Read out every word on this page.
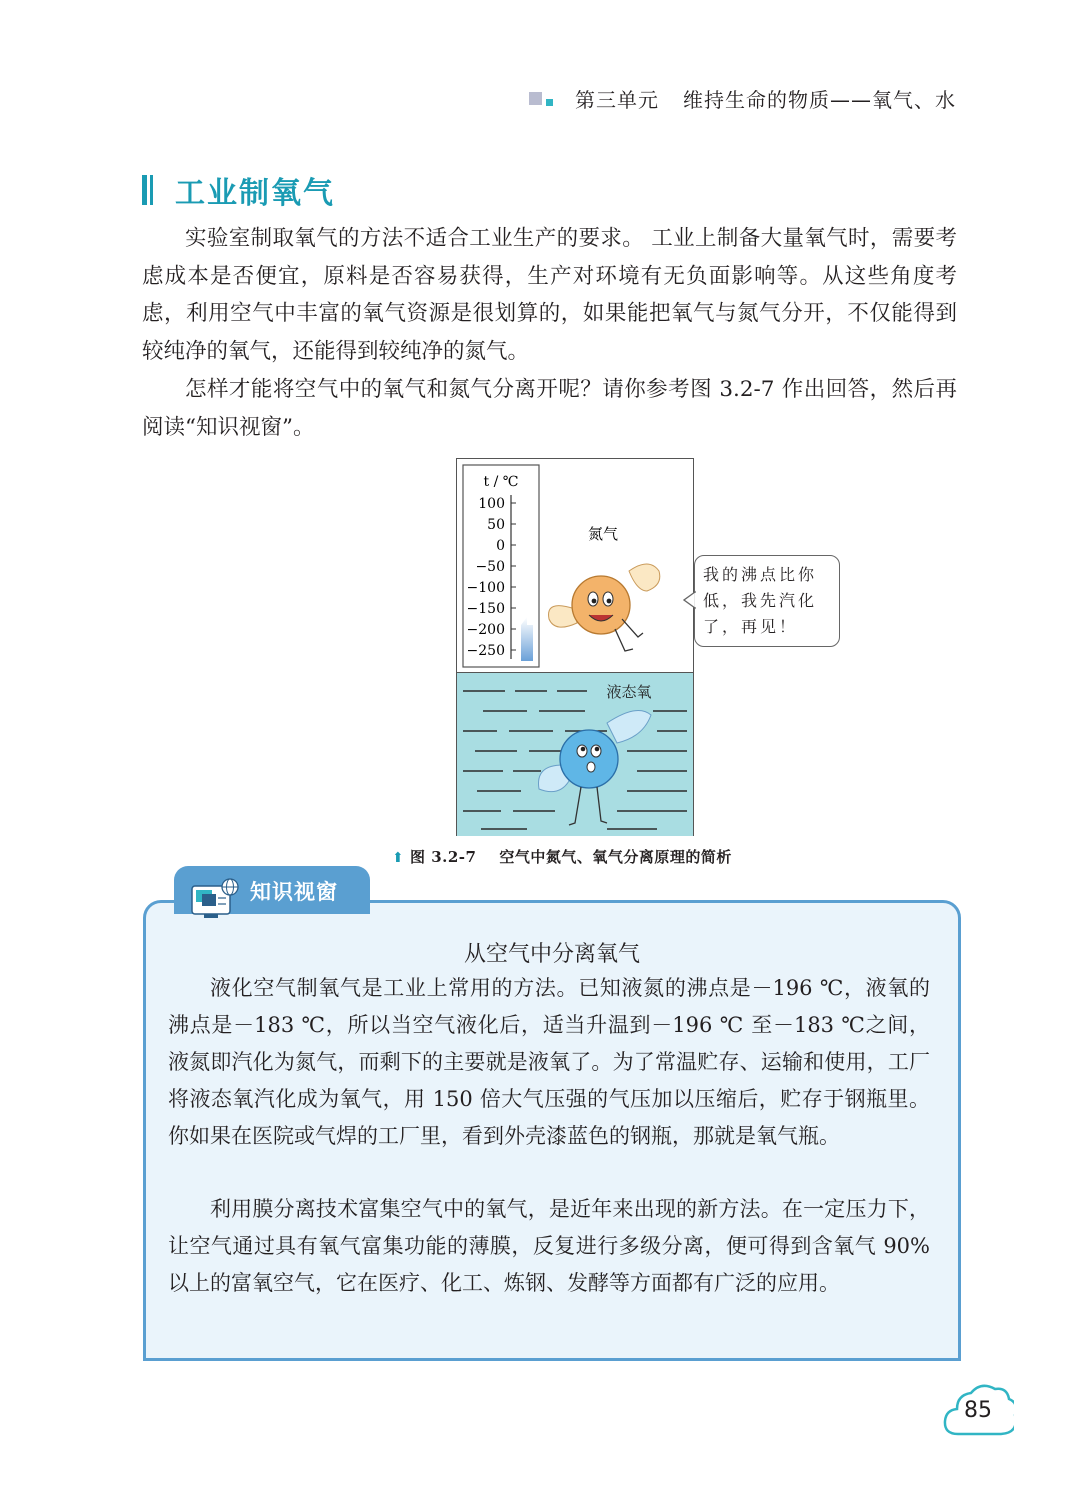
第三单元 维持生命的物质——氧气、水
工业制氧气

实验室制取氧气的方法不适合工业生产的要求。 工业上制备大量氧气时，需要考虑成本是否便宜，原料是否容易获得，生产对环境有无负面影响等。从这些角度考虑，利用空气中丰富的氧气资源是很划算的，如果能把氧气与氮气分开，不仅能得到较纯净的氧气，还能得到较纯净的氮气。

怎样才能将空气中的氧气和氮气分离开呢？请你参考图 3.2-7 作出回答，然后再阅读“知识视窗”。

t / ℃
100
50
0
−50
−100
−150
−200
−250
氮气
液态氧
我的沸点比你低，我先汽化了，再见！
⬆ 图 3.2-7 空气中氮气、氧气分离原理的简析
知识视窗
从空气中分离氧气

液化空气制氧气是工业上常用的方法。已知液氮的沸点是－196 ℃，液氧的沸点是－183 ℃，所以当空气液化后，适当升温到－196 ℃ 至－183 ℃之间，液氮即汽化为氮气，而剩下的主要就是液氧了。为了常温贮存、运输和使用，工厂将液态氧汽化成为氧气，用 150 倍大气压强的气压加以压缩后，贮存于钢瓶里。你如果在医院或气焊的工厂里，看到外壳漆蓝色的钢瓶，那就是氧气瓶。

利用膜分离技术富集空气中的氧气，是近年来出现的新方法。在一定压力下，让空气通过具有氧气富集功能的薄膜，反复进行多级分离，便可得到含氧气 90% 以上的富氧空气，它在医疗、化工、炼钢、发酵等方面都有广泛的应用。

85
